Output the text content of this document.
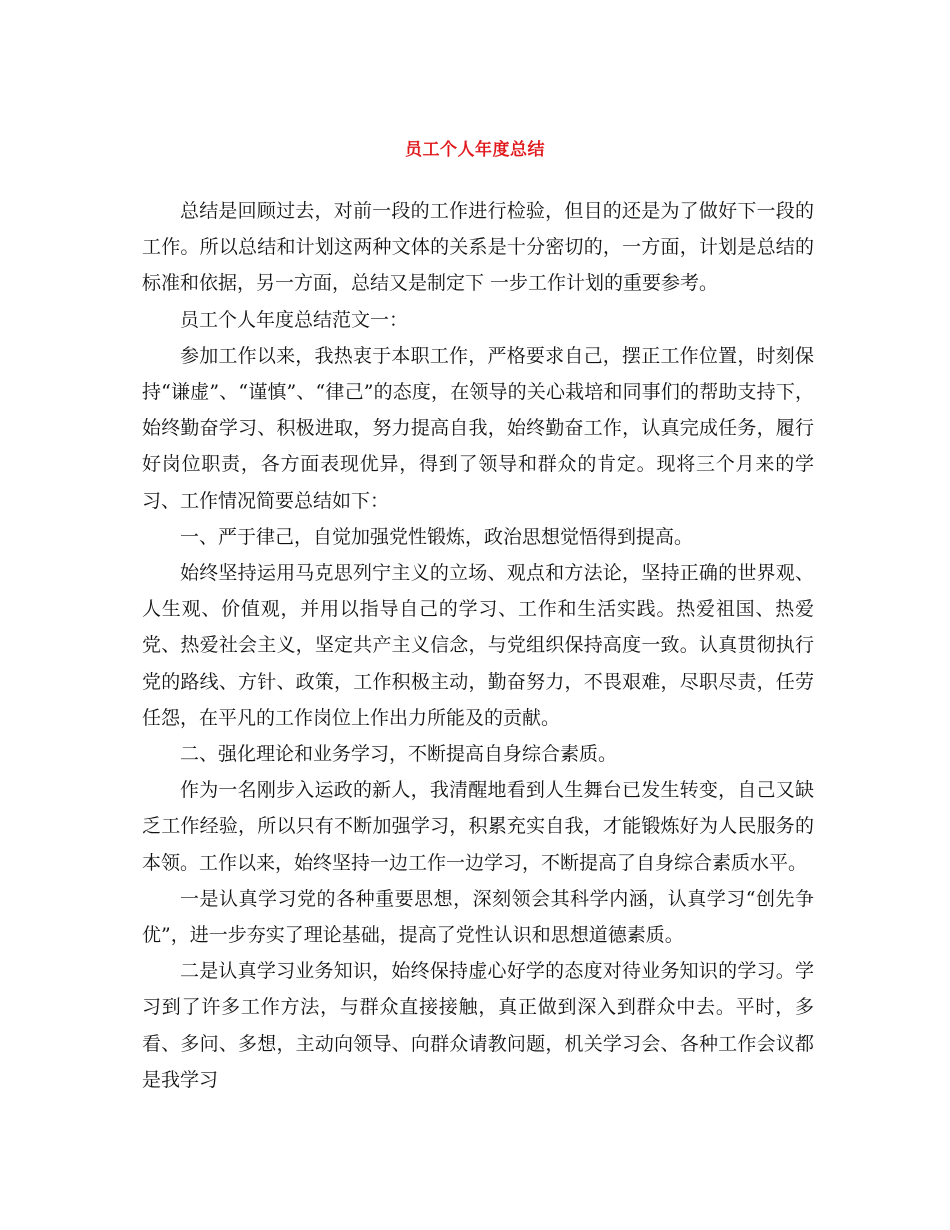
员工个人年度总结

总结是回顾过去，对前一段的工作进行检验，但目的还是为了做好下一段的工作。所以总结和计划这两种文体的关系是十分密切的，一方面，计划是总结的标准和依据，另一方面，总结又是制定下 一步工作计划的重要参考。

员工个人年度总结范文一：

参加工作以来，我热衷于本职工作，严格要求自己，摆正工作位置，时刻保持“谦虚”、“谨慎”、“律己”的态度，在领导的关心栽培和同事们的帮助支持下，始终勤奋学习、积极进取，努力提高自我，始终勤奋工作，认真完成任务，履行好岗位职责，各方面表现优异，得到了领导和群众的肯定。现将三个月来的学习、工作情况简要总结如下：

一、严于律己，自觉加强党性锻炼，政治思想觉悟得到提高。

始终坚持运用马克思列宁主义的立场、观点和方法论，坚持正确的世界观、人生观、价值观，并用以指导自己的学习、工作和生活实践。热爱祖国、热爱党、热爱社会主义，坚定共产主义信念，与党组织保持高度一致。认真贯彻执行党的路线、方针、政策，工作积极主动，勤奋努力，不畏艰难，尽职尽责，任劳任怨，在平凡的工作岗位上作出力所能及的贡献。

二、强化理论和业务学习，不断提高自身综合素质。

作为一名刚步入运政的新人，我清醒地看到人生舞台已发生转变，自己又缺乏工作经验，所以只有不断加强学习，积累充实自我，才能锻炼好为人民服务的本领。工作以来，始终坚持一边工作一边学习，不断提高了自身综合素质水平。

一是认真学习党的各种重要思想，深刻领会其科学内涵，认真学习“创先争优”，进一步夯实了理论基础，提高了党性认识和思想道德素质。

二是认真学习业务知识，始终保持虚心好学的态度对待业务知识的学习。学习到了许多工作方法，与群众直接接触，真正做到深入到群众中去。平时，多看、多问、多想，主动向领导、向群众请教问题，机关学习会、各种工作会议都是我学习
